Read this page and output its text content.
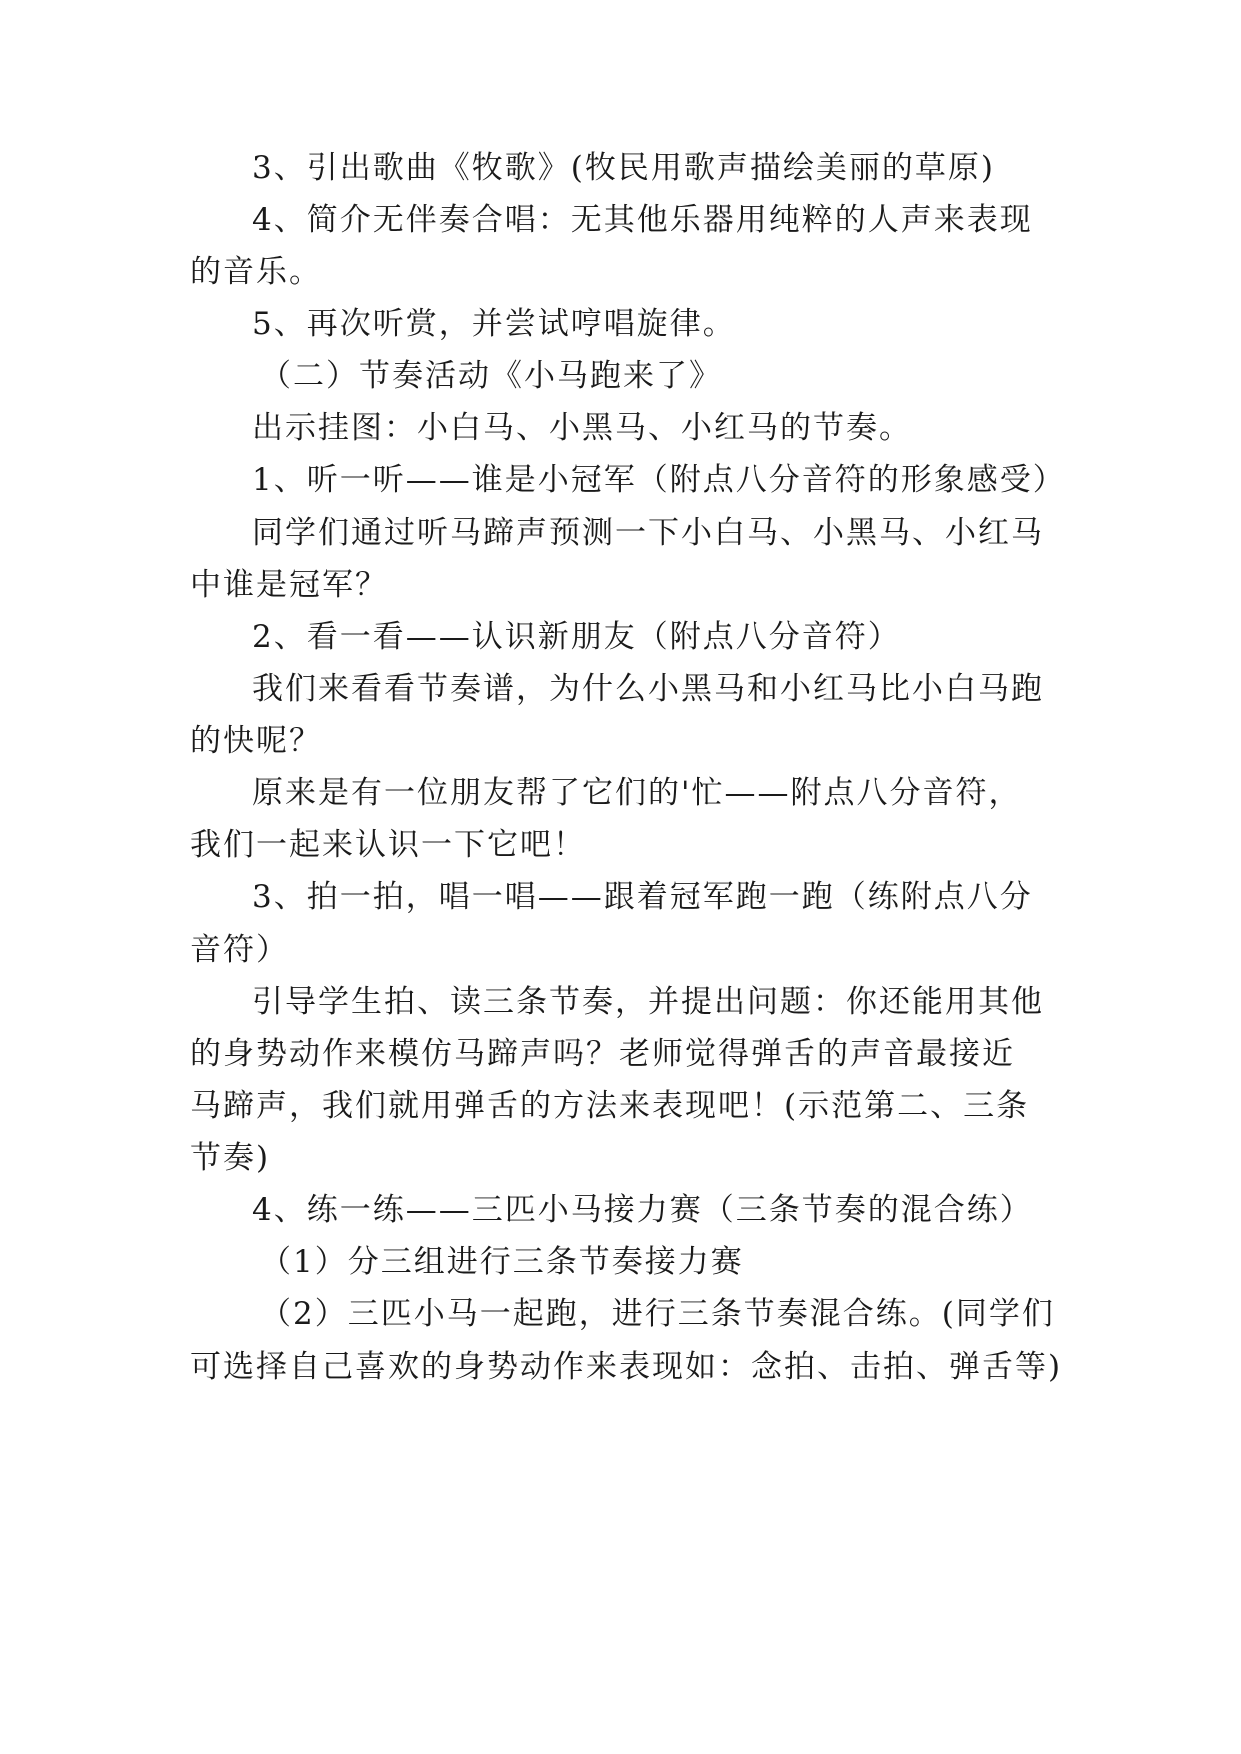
3、引出歌曲《牧歌》(牧民用歌声描绘美丽的草原)
4、简介无伴奏合唱：无其他乐器用纯粹的人声来表现
的音乐。
5、再次听赏，并尝试哼唱旋律。
（二）节奏活动《小马跑来了》
出示挂图：小白马、小黑马、小红马的节奏。
1、听一听——谁是小冠军（附点八分音符的形象感受）
同学们通过听马蹄声预测一下小白马、小黑马、小红马
中谁是冠军？
2、看一看——认识新朋友（附点八分音符）
我们来看看节奏谱，为什么小黑马和小红马比小白马跑
的快呢？
原来是有一位朋友帮了它们的'忙——附点八分音符，
我们一起来认识一下它吧！
3、拍一拍，唱一唱——跟着冠军跑一跑（练附点八分
音符）
引导学生拍、读三条节奏，并提出问题：你还能用其他
的身势动作来模仿马蹄声吗？老师觉得弹舌的声音最接近
马蹄声，我们就用弹舌的方法来表现吧！(示范第二、三条
节奏)
4、练一练——三匹小马接力赛（三条节奏的混合练）
（1）分三组进行三条节奏接力赛
（2）三匹小马一起跑，进行三条节奏混合练。(同学们
可选择自己喜欢的身势动作来表现如：念拍、击拍、弹舌等)
